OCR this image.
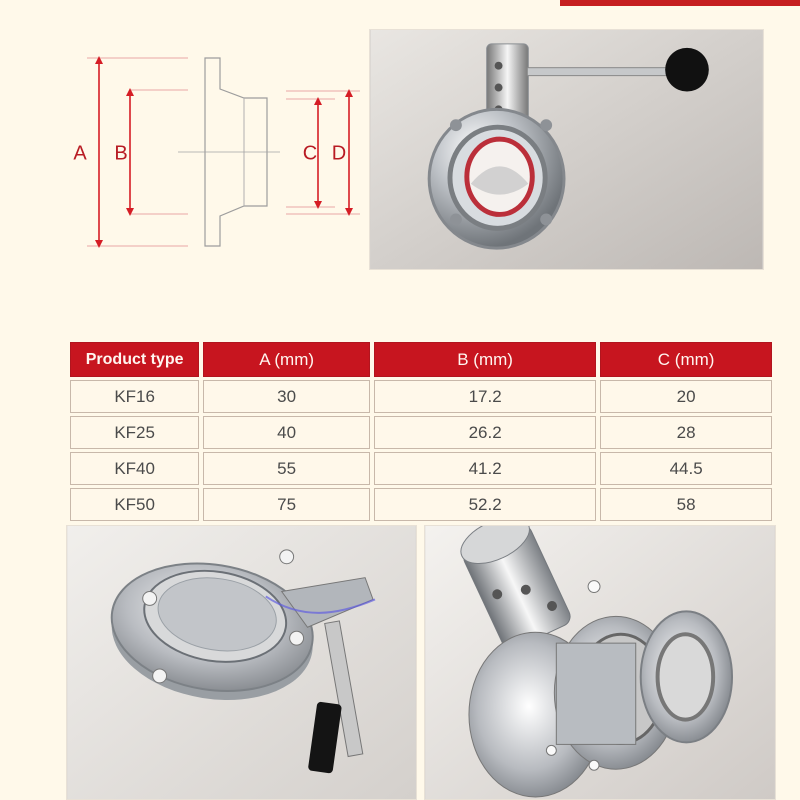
A B	C D
Product type	A (mm)	B (mm)	C (mm)
KF16	30	17.2	20
KF25	40	26.2	28
KF40	55	41.2	44.5
KF50	75	52.2	58
